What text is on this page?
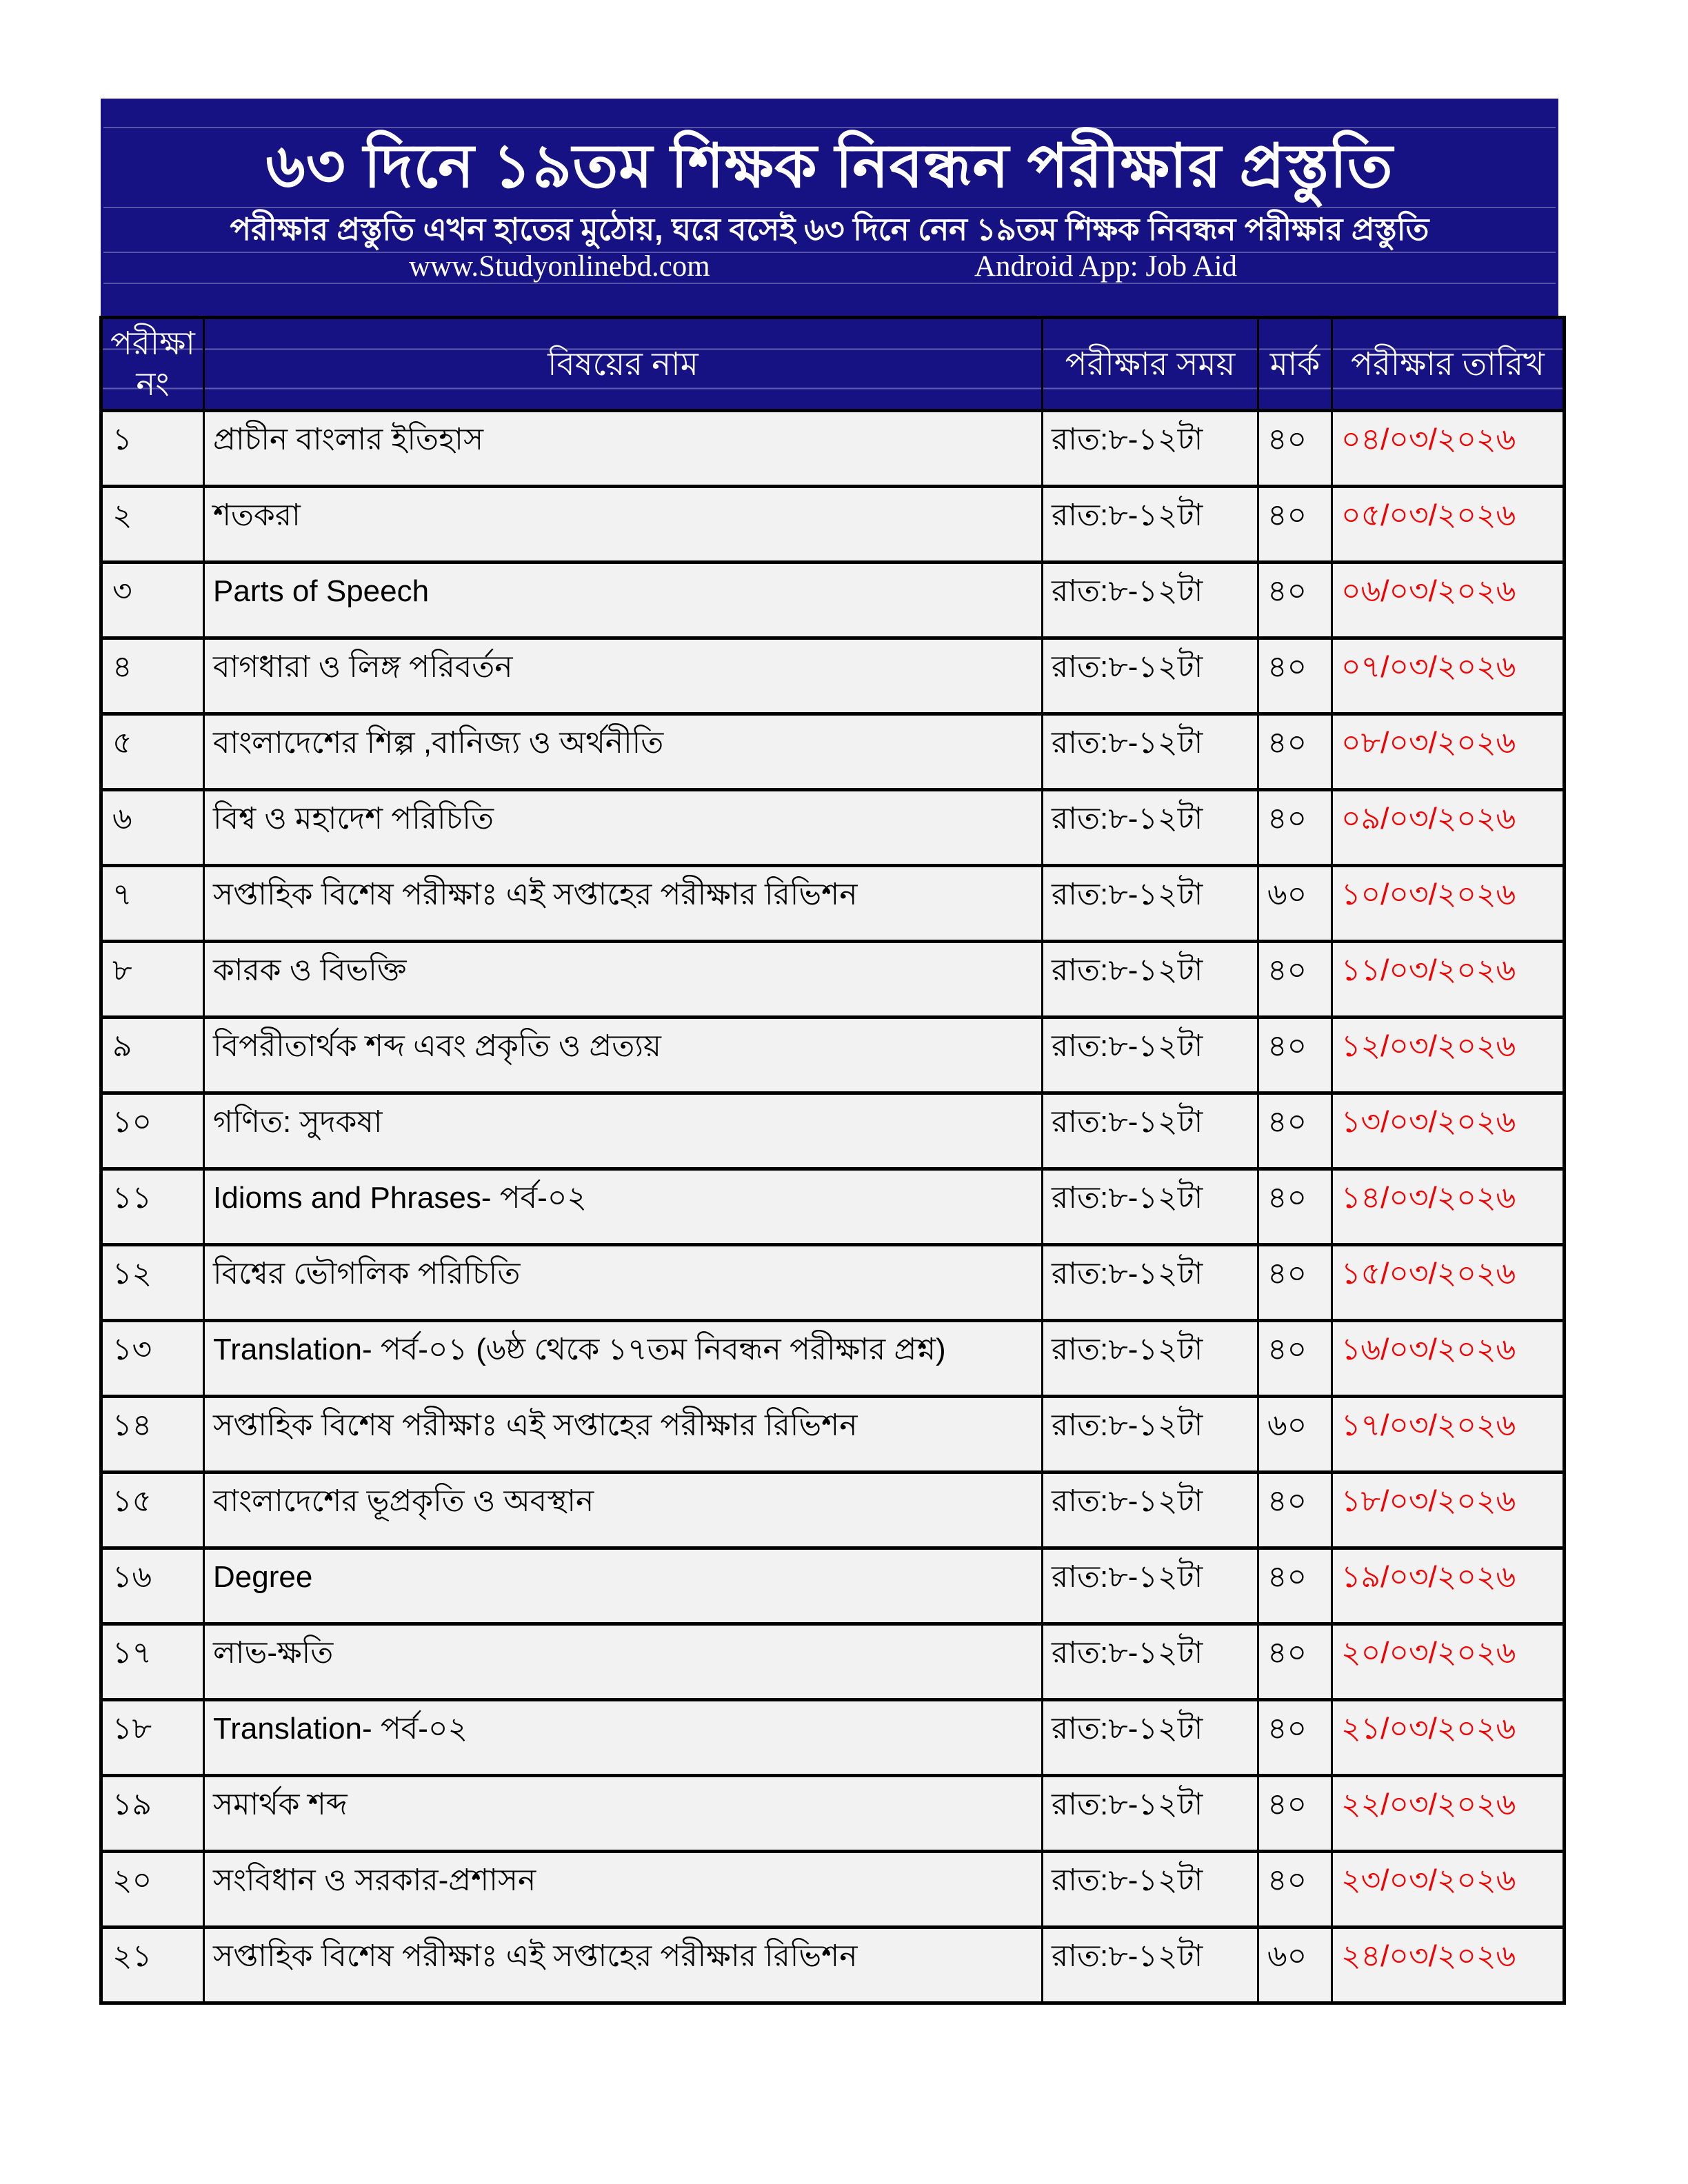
৬৩ দিনে ১৯তম শিক্ষক নিবন্ধন পরীক্ষার প্রস্তুতি
পরীক্ষার প্রস্তুতি এখন হাতের মুঠোয়, ঘরে বসেই ৬৩ দিনে নেন ১৯তম শিক্ষক নিবন্ধন পরীক্ষার প্রস্তুতি
www.Studyonlinebd.com	Android App: Job Aid
পরীক্ষা নং	বিষয়ের নাম	পরীক্ষার সময়	মার্ক	পরীক্ষার তারিখ
১	প্রাচীন বাংলার ইতিহাস	রাত:৮-১২টা	৪০	০৪/০৩/২০২৬
২	শতকরা	রাত:৮-১২টা	৪০	০৫/০৩/২০২৬
৩	Parts of Speech	রাত:৮-১২টা	৪০	০৬/০৩/২০২৬
৪	বাগধারা ও লিঙ্গ পরিবর্তন	রাত:৮-১২টা	৪০	০৭/০৩/২০২৬
৫	বাংলাদেশের শিল্প ,বানিজ্য ও অর্থনীতি	রাত:৮-১২টা	৪০	০৮/০৩/২০২৬
৬	বিশ্ব ও মহাদেশ পরিচিতি	রাত:৮-১২টা	৪০	০৯/০৩/২০২৬
৭	সপ্তাহিক বিশেষ পরীক্ষাঃ এই সপ্তাহের পরীক্ষার রিভিশন	রাত:৮-১২টা	৬০	১০/০৩/২০২৬
৮	কারক ও বিভক্তি	রাত:৮-১২টা	৪০	১১/০৩/২০২৬
৯	বিপরীতার্থক শব্দ এবং প্রকৃতি ও প্রত্যয়	রাত:৮-১২টা	৪০	১২/০৩/২০২৬
১০	গণিত: সুদকষা	রাত:৮-১২টা	৪০	১৩/০৩/২০২৬
১১	Idioms and Phrases- পর্ব-০২	রাত:৮-১২টা	৪০	১৪/০৩/২০২৬
১২	বিশ্বের ভৌগলিক পরিচিতি	রাত:৮-১২টা	৪০	১৫/০৩/২০২৬
১৩	Translation- পর্ব-০১ (৬ষ্ঠ থেকে ১৭তম নিবন্ধন পরীক্ষার প্রশ্ন)	রাত:৮-১২টা	৪০	১৬/০৩/২০২৬
১৪	সপ্তাহিক বিশেষ পরীক্ষাঃ এই সপ্তাহের পরীক্ষার রিভিশন	রাত:৮-১২টা	৬০	১৭/০৩/২০২৬
১৫	বাংলাদেশের ভূপ্রকৃতি ও অবস্থান	রাত:৮-১২টা	৪০	১৮/০৩/২০২৬
১৬	Degree	রাত:৮-১২টা	৪০	১৯/০৩/২০২৬
১৭	লাভ-ক্ষতি	রাত:৮-১২টা	৪০	২০/০৩/২০২৬
১৮	Translation- পর্ব-০২	রাত:৮-১২টা	৪০	২১/০৩/২০২৬
১৯	সমার্থক শব্দ	রাত:৮-১২টা	৪০	২২/০৩/২০২৬
২০	সংবিধান ও সরকার-প্রশাসন	রাত:৮-১২টা	৪০	২৩/০৩/২০২৬
২১	সপ্তাহিক বিশেষ পরীক্ষাঃ এই সপ্তাহের পরীক্ষার রিভিশন	রাত:৮-১২টা	৬০	২৪/০৩/২০২৬
